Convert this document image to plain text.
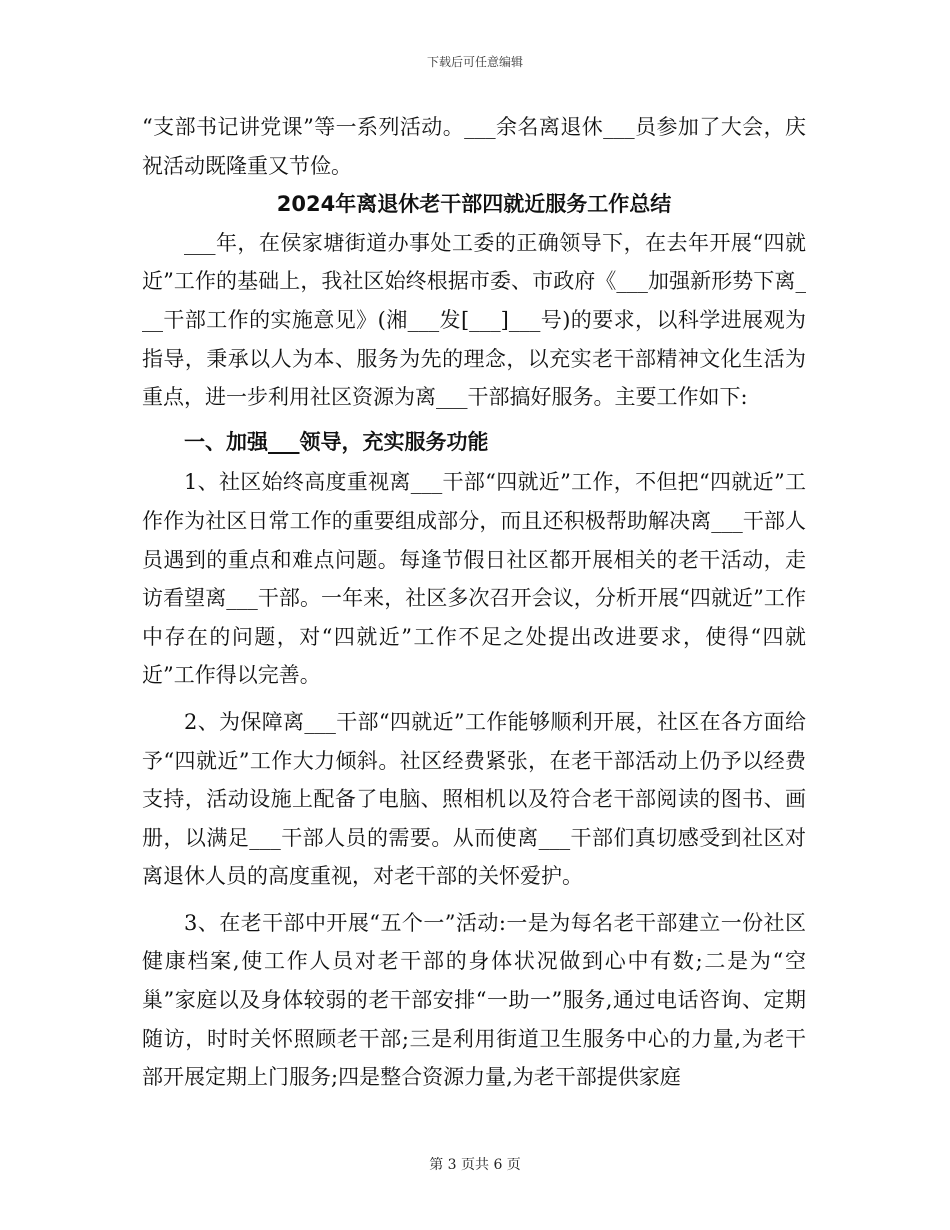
下载后可任意编辑

“支部书记讲党课”等一系列活动。___余名离退休___员参加了大会，庆祝活动既隆重又节俭。

2024年离退休老干部四就近服务工作总结

___年，在侯家塘街道办事处工委的正确领导下，在去年开展“四就近”工作的基础上，我社区始终根据市委、市政府《___加强新形势下离___干部工作的实施意见》(湘___发[___]___号)的要求，以科学进展观为指导，秉承以人为本、服务为先的理念，以充实老干部精神文化生活为重点，进一步利用社区资源为离___干部搞好服务。主要工作如下:

一、加强___领导，充实服务功能

1、社区始终高度重视离___干部“四就近”工作，不但把“四就近”工作作为社区日常工作的重要组成部分，而且还积极帮助解决离___干部人员遇到的重点和难点问题。每逢节假日社区都开展相关的老干活动，走访看望离___干部。一年来，社区多次召开会议，分析开展“四就近”工作中存在的问题，对“四就近”工作不足之处提出改进要求，使得“四就近”工作得以完善。

2、为保障离___干部“四就近”工作能够顺利开展，社区在各方面给予“四就近”工作大力倾斜。社区经费紧张，在老干部活动上仍予以经费支持，活动设施上配备了电脑、照相机以及符合老干部阅读的图书、画册，以满足___干部人员的需要。从而使离___干部们真切感受到社区对离退休人员的高度重视，对老干部的关怀爱护。

3、在老干部中开展“五个一”活动:一是为每名老干部建立一份社区健康档案,使工作人员对老干部的身体状况做到心中有数;二是为“空巢”家庭以及身体较弱的老干部安排“一助一”服务,通过电话咨询、定期随访，时时关怀照顾老干部;三是利用街道卫生服务中心的力量,为老干部开展定期上门服务;四是整合资源力量,为老干部提供家庭

第 3 页共 6 页
